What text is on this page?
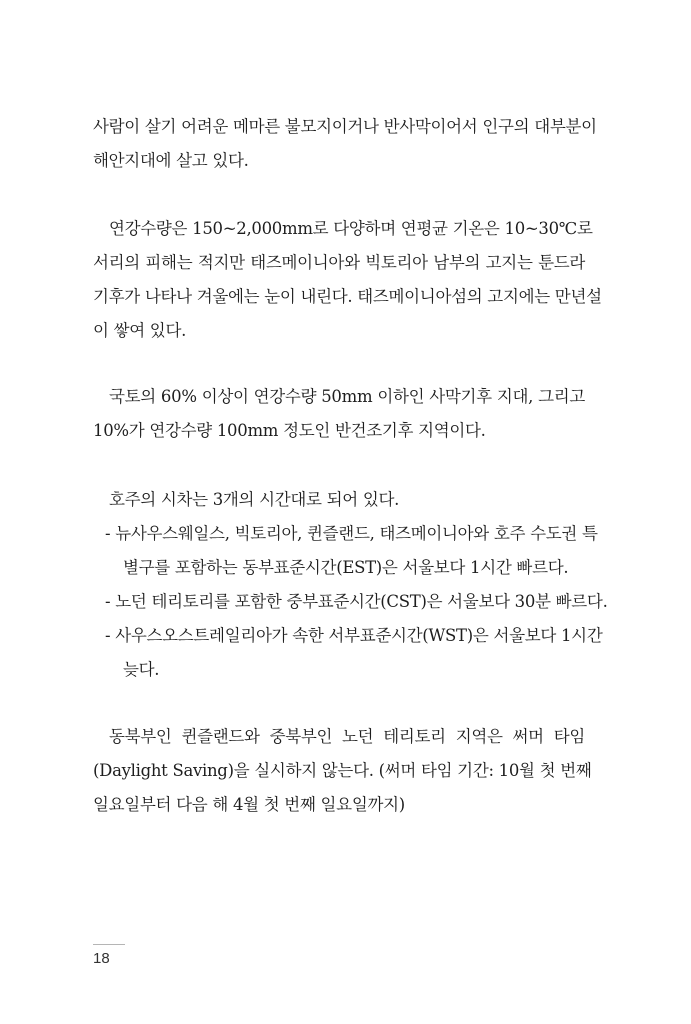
사람이 살기 어려운 메마른 불모지이거나 반사막이어서 인구의 대부분이
해안지대에 살고 있다.

연강수량은 150~2,000mm로 다양하며 연평균 기온은 10~30℃로
서리의 피해는 적지만 태즈메이니아와 빅토리아 남부의 고지는 툰드라
기후가 나타나 겨울에는 눈이 내린다. 태즈메이니아섬의 고지에는 만년설
이 쌓여 있다.

국토의 60% 이상이 연강수량 50mm 이하인 사막기후 지대, 그리고
10%가 연강수량 100mm 정도인 반건조기후 지역이다.

호주의 시차는 3개의 시간대로 되어 있다.
- 뉴사우스웨일스, 빅토리아, 퀸즐랜드, 태즈메이니아와 호주 수도권 특
별구를 포함하는 동부표준시간(EST)은 서울보다 1시간 빠르다.
- 노던 테리토리를 포함한 중부표준시간(CST)은 서울보다 30분 빠르다.
- 사우스오스트레일리아가 속한 서부표준시간(WST)은 서울보다 1시간
늦다.

동북부인 퀸즐랜드와 중북부인 노던 테리토리 지역은 써머 타임
(Daylight Saving)을 실시하지 않는다. (써머 타임 기간: 10월 첫 번째
일요일부터 다음 해 4월 첫 번째 일요일까지)

18
